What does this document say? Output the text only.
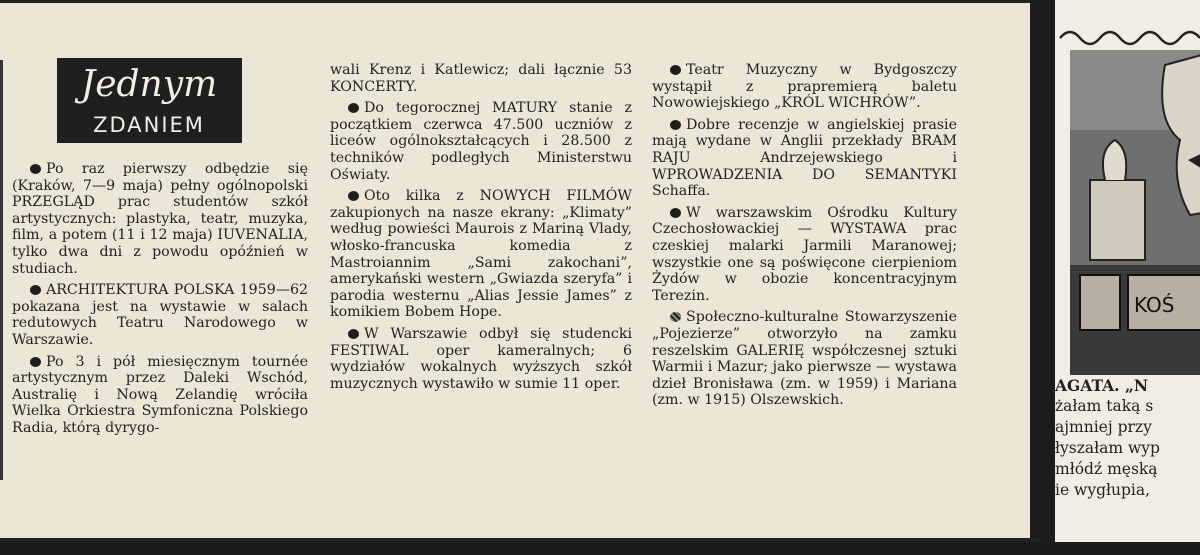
Jednym
ZDANIEM

Po raz pierwszy odbędzie się (Kraków, 7—9 maja) pełny ogólnopolski PRZEGLĄD prac studentów szkół artystycznych: plastyka, teatr, muzyka, film, a potem (11 i 12 maja) IUVENALIA, tylko dwa dni z powodu opóźnień w studiach.

ARCHITEKTURA POLSKA 1959—62 pokazana jest na wystawie w salach redutowych Teatru Narodowego w Warszawie.

Po 3 i pół miesięcznym tournée artystycznym przez Daleki Wschód, Australię i Nową Zelandię wróciła Wielka Orkiestra Symfoniczna Polskiego Radia, którą dyrygo-

wali Krenz i Katlewicz; dali łącznie 53 KONCERTY.

Do tegorocznej MATURY stanie z początkiem czerwca 47.500 uczniów z liceów ogólnokształcących i 28.500 z techników podległych Ministerstwu Oświaty.

Oto kilka z NOWYCH FILMÓW zakupionych na nasze ekrany: „Klimaty” według powieści Maurois z Mariną Vlady, włosko-francuska komedia z Mastroiannim „Sami zakochani”, amerykański western „Gwiazda szeryfa” i parodia westernu „Alias Jessie James” z komikiem Bobem Hope.

W Warszawie odbył się studencki FESTIWAL oper kameralnych; 6 wydziałów wokalnych wyższych szkół muzycznych wystawiło w sumie 11 oper.

Teatr Muzyczny w Bydgoszczy wystąpił z prapremierą baletu Nowowiejskiego „KRÓL WICHRÓW”.

Dobre recenzje w angielskiej prasie mają wydane w Anglii przekłady BRAM RAJU Andrzejewskiego i WPROWADZENIA DO SEMANTYKI Schaffa.

W warszawskim Ośrodku Kultury Czechosłowackiej — WYSTAWA prac czeskiej malarki Jarmili Maranowej; wszystkie one są poświęcone cierpieniom Żydów w obozie koncentracyjnym Terezin.

Społeczno-kulturalne Stowarzyszenie „Pojezierze” otworzyło na zamku reszelskim GALERIĘ współczesnej sztuki Warmii i Mazur; jako pierwsze — wystawa dzieł Bronisława (zm. w 1959) i Mariana (zm. w 1915) Olszewskich.

KOŚ
AGATA. „N
żałam taką s
ajmniej przy
łyszałam wyp
młódź męską
ie wygłupia,
